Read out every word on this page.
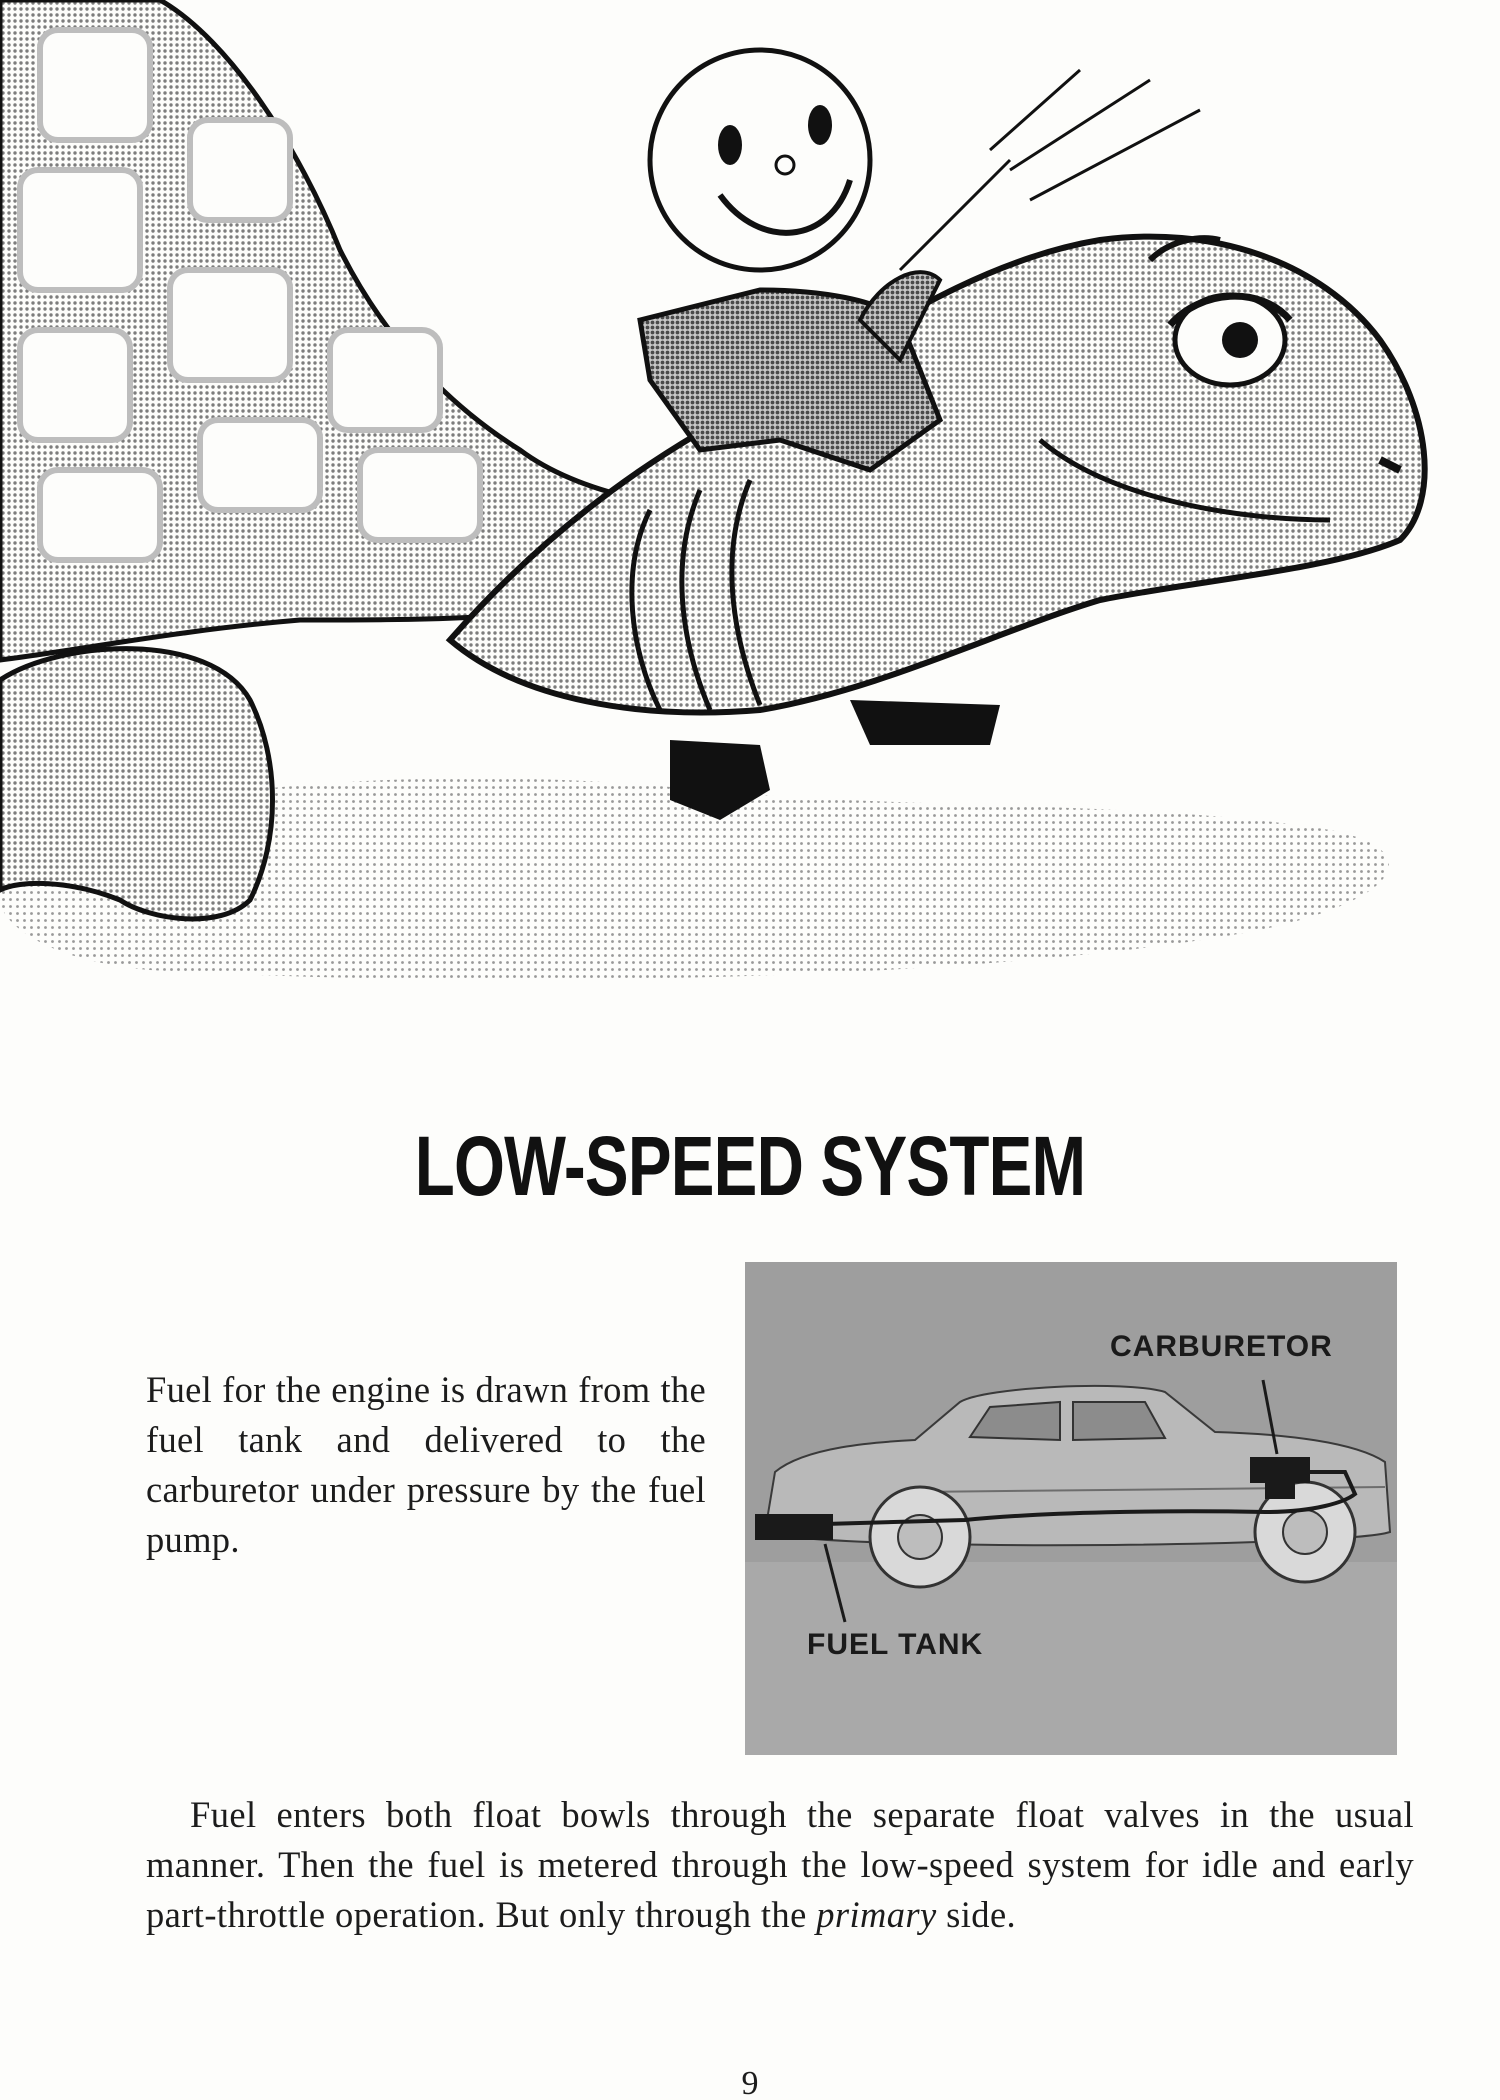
LOW-SPEED SYSTEM

Fuel for the engine is drawn from the fuel tank and delivered to the carburetor under pressure by the fuel pump.

CARBURETOR
FUEL TANK

Fuel enters both float bowls through the separate float valves in the usual manner. Then the fuel is metered through the low-speed system for idle and early part-throttle operation. But only through the primary side.

9
